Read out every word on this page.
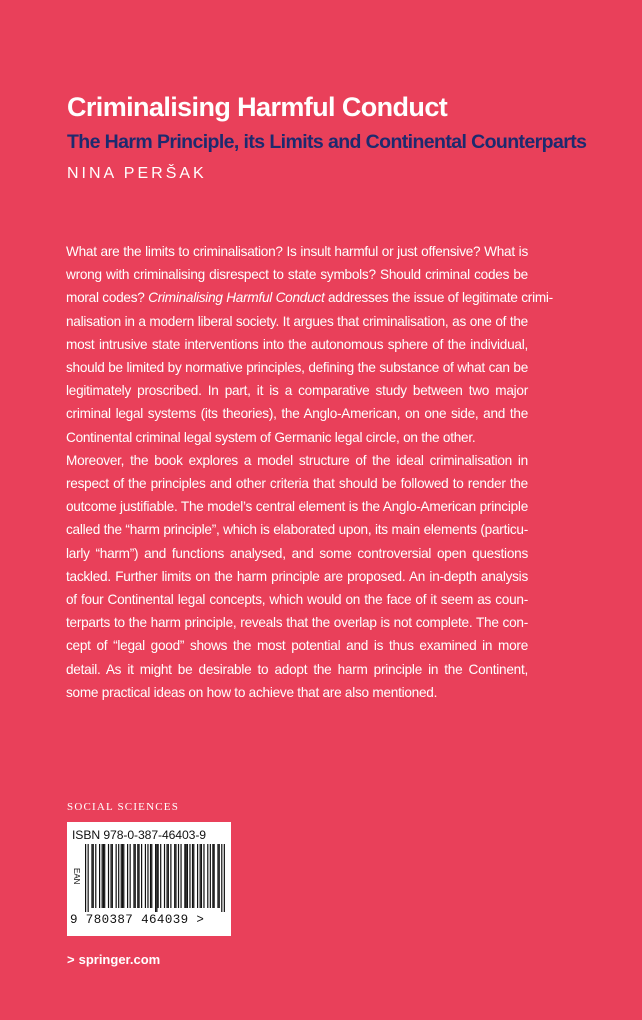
Criminalising Harmful Conduct
The Harm Principle, its Limits and Continental Counterparts

NINA PERŠAK

What are the limits to criminalisation? Is insult harmful or just offensive? What is
wrong with criminalising disrespect to state symbols? Should criminal codes be
moral codes? Criminalising Harmful Conduct addresses the issue of legitimate crimi-
nalisation in a modern liberal society. It argues that criminalisation, as one of the
most intrusive state interventions into the autonomous sphere of the individual,
should be limited by normative principles, defining the substance of what can be
legitimately proscribed. In part, it is a comparative study between two major
criminal legal systems (its theories), the Anglo-American, on one side, and the
Continental criminal legal system of Germanic legal circle, on the other.
Moreover, the book explores a model structure of the ideal criminalisation in
respect of the principles and other criteria that should be followed to render the
outcome justifiable. The model’s central element is the Anglo-American principle
called the “harm principle”, which is elaborated upon, its main elements (particu-
larly “harm”) and functions analysed, and some controversial open questions
tackled. Further limits on the harm principle are proposed. An in-depth analysis
of four Continental legal concepts, which would on the face of it seem as coun-
terparts to the harm principle, reveals that the overlap is not complete. The con-
cept of “legal good” shows the most potential and is thus examined in more
detail. As it might be desirable to adopt the harm principle in the Continent,
some practical ideas on how to achieve that are also mentioned.

SOCIAL SCIENCES

ISBN 978-0-387-46403-9
EAN
9 780387 464039 >

> springer.com
